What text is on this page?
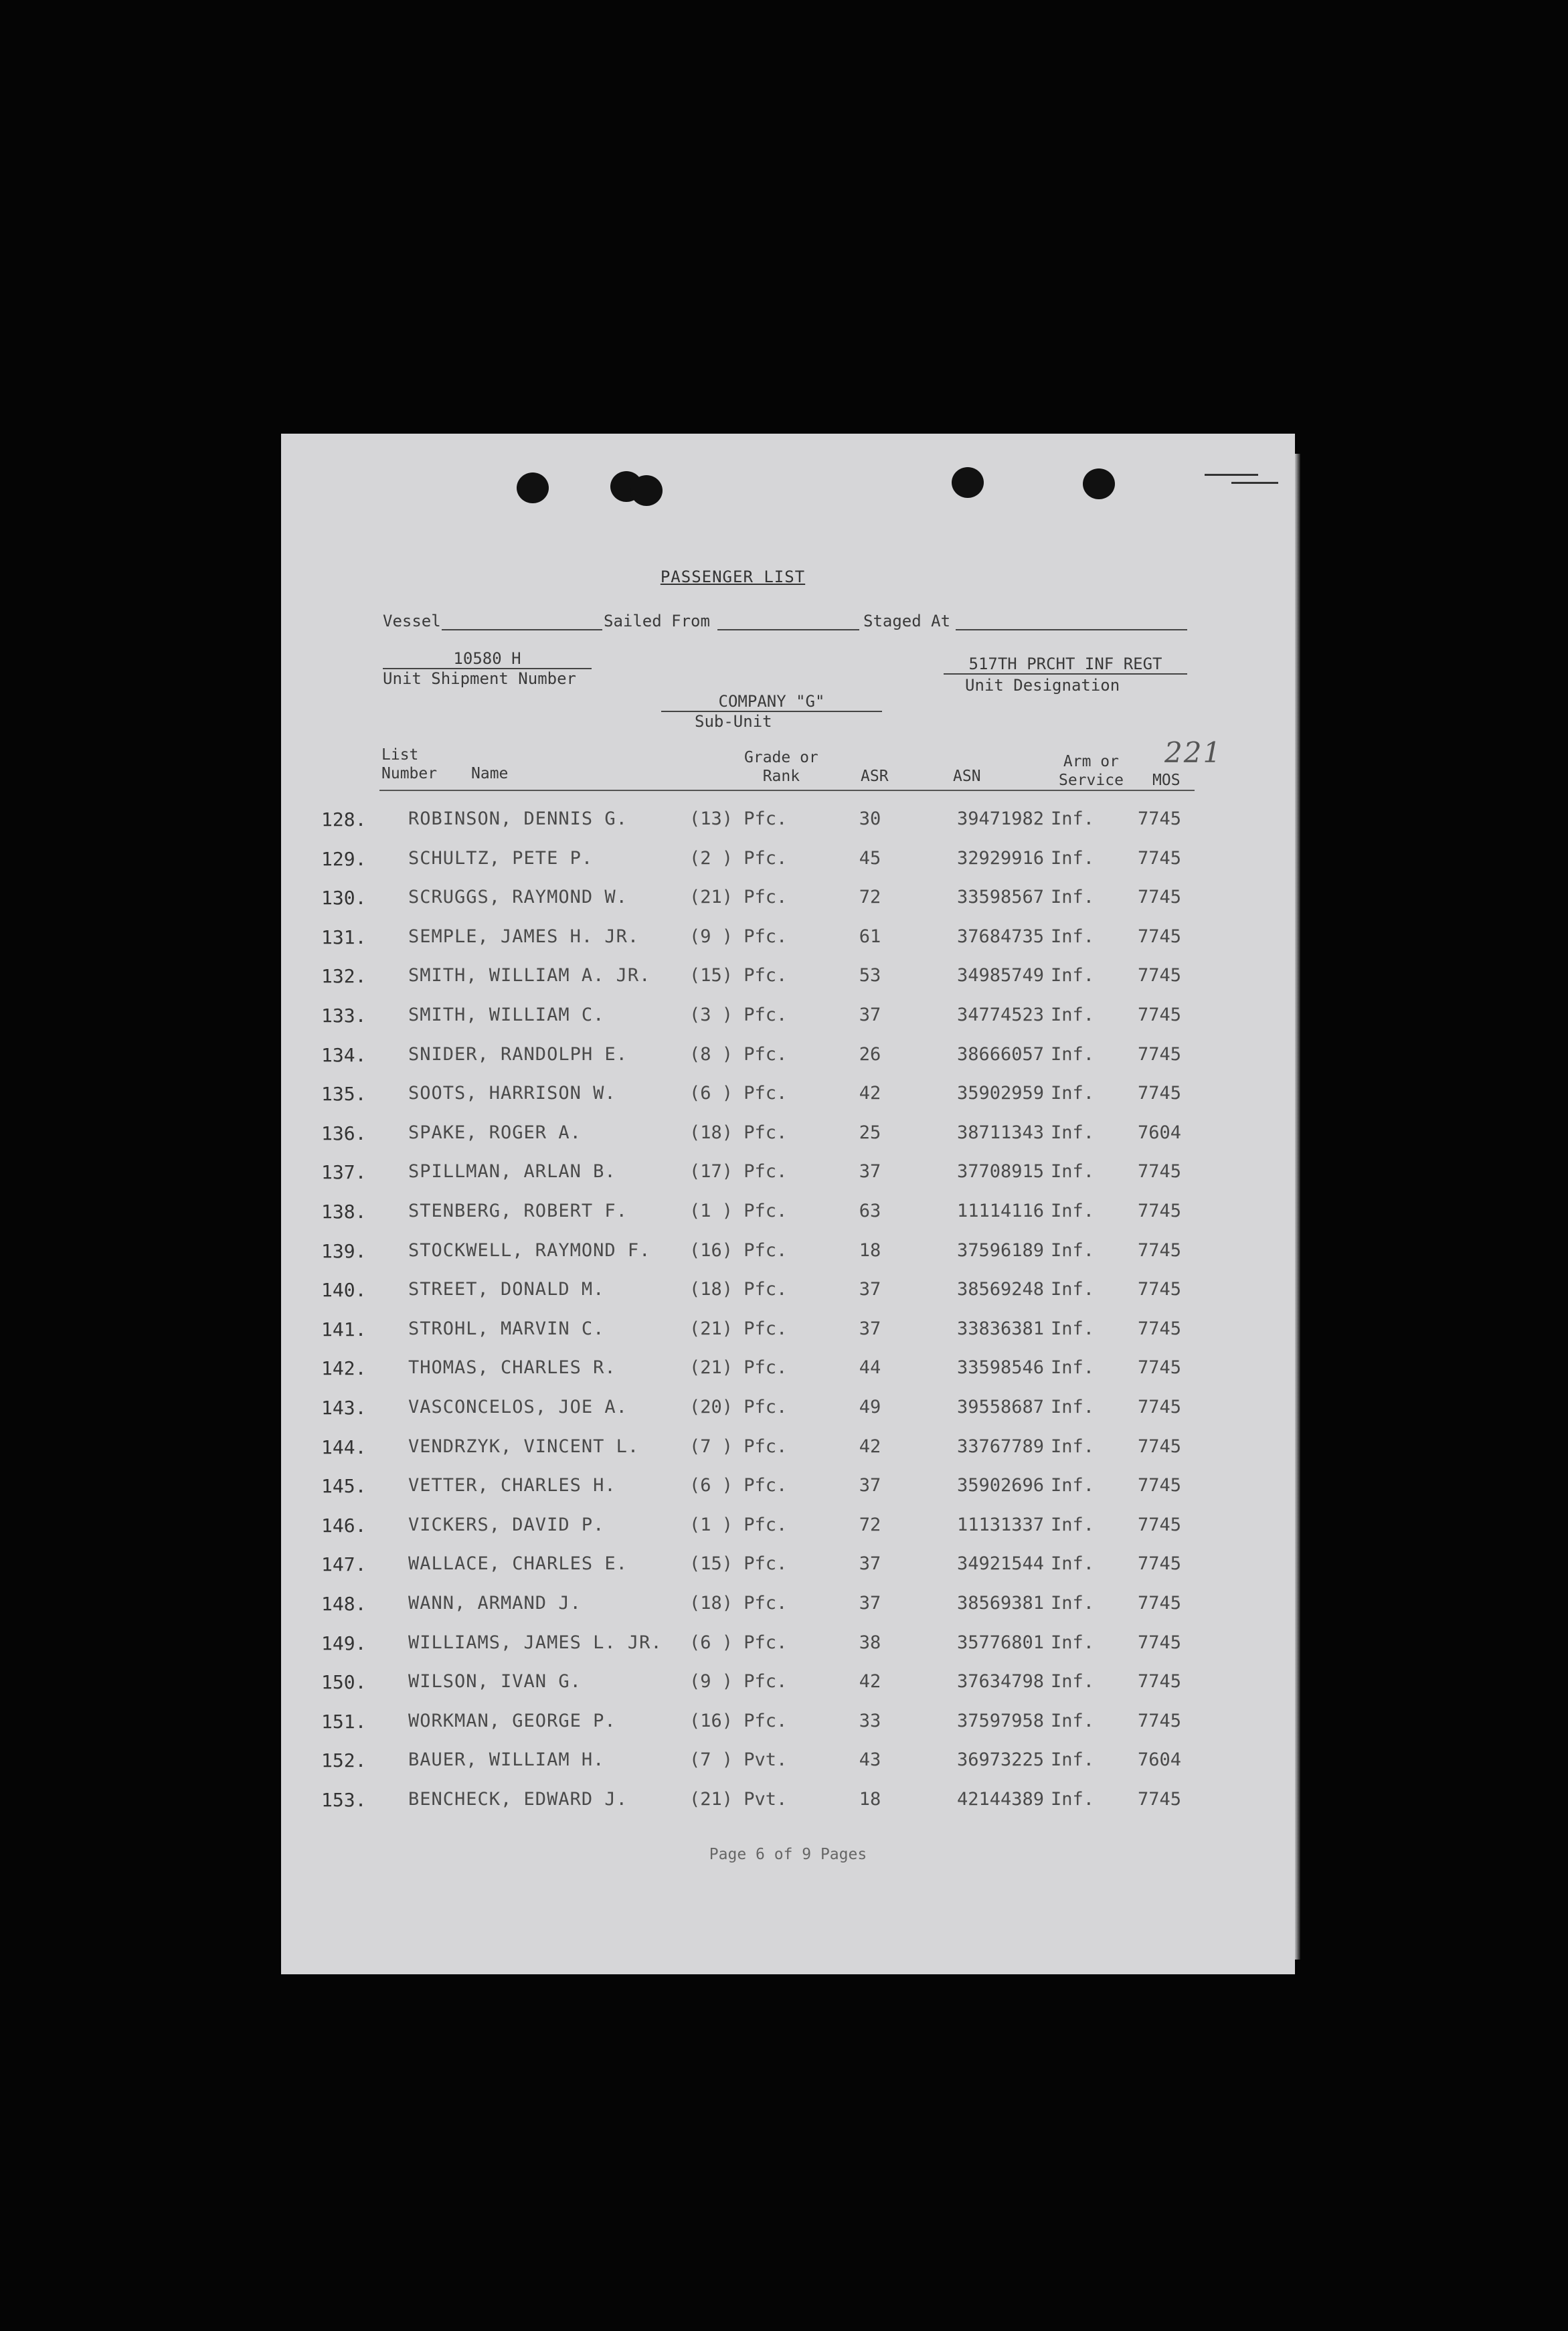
PASSENGER LIST
Vessel	Sailed From	Staged At
10580 H
Unit Shipment Number
517TH PRCHT INF REGT
Unit Designation
COMPANY "G"
Sub-Unit
List
Number Name
Grade or
Rank	ASR	ASN
Arm or
Service MOS
221
128. ROBINSON, DENNIS G.	(13) Pfc.	30	39471982 Inf. 7745
129. SCHULTZ, PETE P.	(2 ) Pfc.	45	32929916 Inf. 7745
130. SCRUGGS, RAYMOND W.	(21) Pfc.	72	33598567 Inf. 7745
131. SEMPLE, JAMES H. JR.	(9 ) Pfc.	61	37684735 Inf. 7745
132. SMITH, WILLIAM A. JR. (15) Pfc.	53	34985749 Inf. 7745
133. SMITH, WILLIAM C.	(3 ) Pfc.	37	34774523 Inf. 7745
134. SNIDER, RANDOLPH E.	(8 ) Pfc.	26	38666057 Inf. 7745
135. SOOTS, HARRISON W.	(6 ) Pfc.	42	35902959 Inf. 7745
136. SPAKE, ROGER A.	(18) Pfc.	25	38711343 Inf. 7604
137. SPILLMAN, ARLAN B.	(17) Pfc.	37	37708915 Inf. 7745
138. STENBERG, ROBERT F.	(1 ) Pfc.	63	11114116 Inf. 7745
139. STOCKWELL, RAYMOND F. (16) Pfc.	18	37596189 Inf. 7745
140. STREET, DONALD M.	(18) Pfc.	37	38569248 Inf. 7745
141. STROHL, MARVIN C.	(21) Pfc.	37	33836381 Inf. 7745
142. THOMAS, CHARLES R.	(21) Pfc.	44	33598546 Inf. 7745
143. VASCONCELOS, JOE A.	(20) Pfc.	49	39558687 Inf. 7745
144. VENDRZYK, VINCENT L.	(7 ) Pfc.	42	33767789 Inf. 7745
145. VETTER, CHARLES H.	(6 ) Pfc.	37	35902696 Inf. 7745
146. VICKERS, DAVID P.	(1 ) Pfc.	72	11131337 Inf. 7745
147. WALLACE, CHARLES E.	(15) Pfc.	37	34921544 Inf. 7745
148. WANN, ARMAND J.	(18) Pfc.	37	38569381 Inf. 7745
149. WILLIAMS, JAMES L. JR. (6 ) Pfc.	38	35776801 Inf. 7745
150. WILSON, IVAN G.	(9 ) Pfc.	42	37634798 Inf. 7745
151. WORKMAN, GEORGE P.	(16) Pfc.	33	37597958 Inf. 7745
152. BAUER, WILLIAM H.	(7 ) Pvt.	43	36973225 Inf. 7604
153. BENCHECK, EDWARD J.	(21) Pvt.	18	42144389 Inf. 7745
Page 6 of 9 Pages
